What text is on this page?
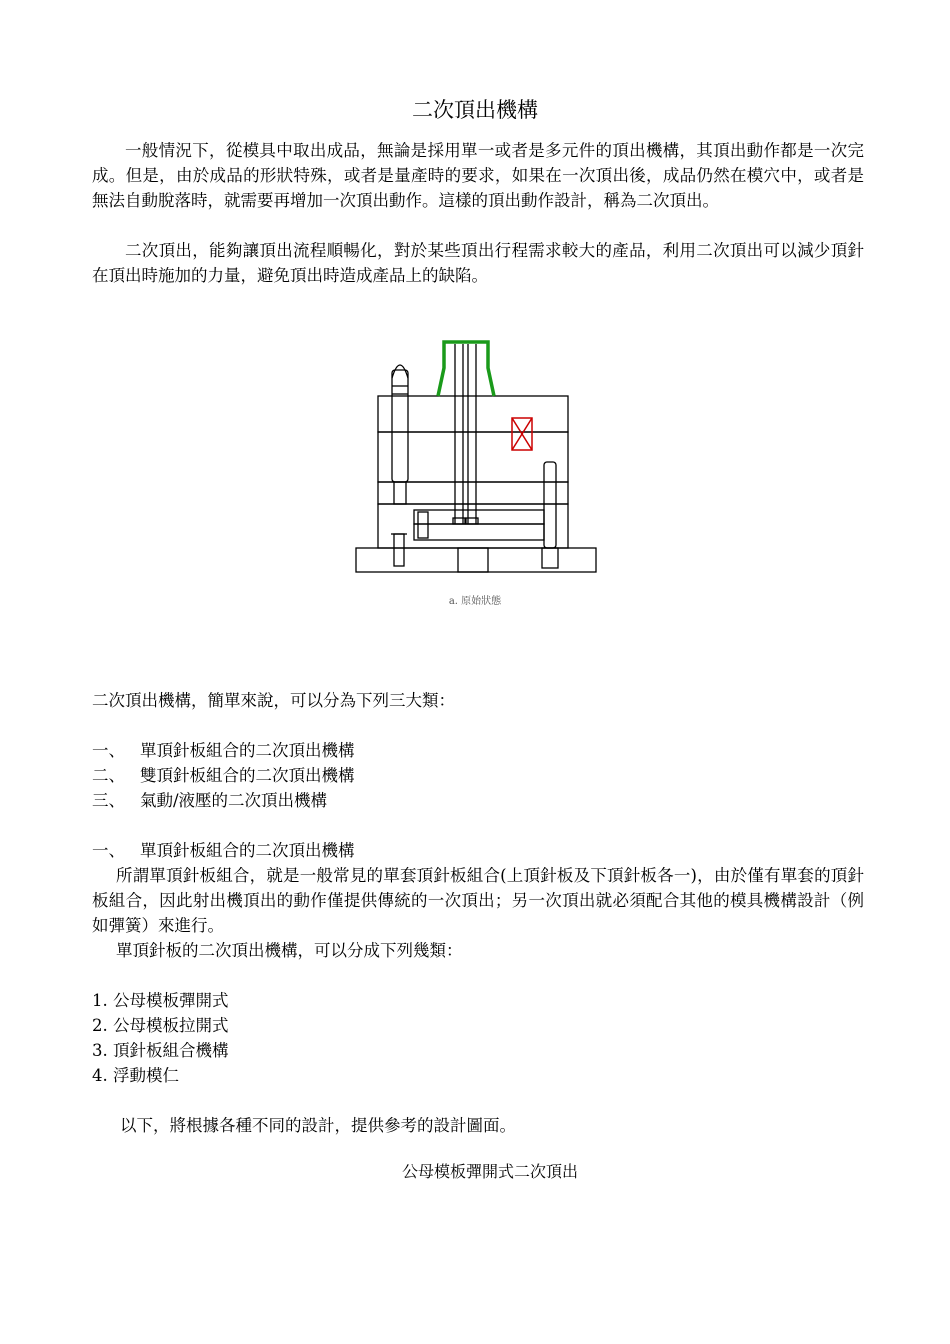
二次頂出機構

一般情況下，從模具中取出成品，無論是採用單一或者是多元件的頂出機構，其頂出動作都是一次完成。但是，由於成品的形狀特殊，或者是量產時的要求，如果在一次頂出後，成品仍然在模穴中，或者是無法自動脫落時，就需要再增加一次頂出動作。這樣的頂出動作設計，稱為二次頂出。

二次頂出，能夠讓頂出流程順暢化，對於某些頂出行程需求較大的產品，利用二次頂出可以減少頂針在頂出時施加的力量，避免頂出時造成產品上的缺陷。

a. 原始狀態
二次頂出機構，簡單來說，可以分為下列三大類：
一、 單頂針板組合的二次頂出機構
二、 雙頂針板組合的二次頂出機構
三、 氣動/液壓的二次頂出機構
一、 單頂針板組合的二次頂出機構

所謂單頂針板組合，就是一般常見的單套頂針板組合(上頂針板及下頂針板各一)，由於僅有單套的頂針板組合，因此射出機頂出的動作僅提供傳統的一次頂出；另一次頂出就必須配合其他的模具機構設計（例如彈簧）來進行。

單頂針板的二次頂出機構，可以分成下列幾類：

1. 公母模板彈開式
2. 公母模板拉開式
3. 頂針板組合機構
4. 浮動模仁
以下，將根據各種不同的設計，提供參考的設計圖面。
公母模板彈開式二次頂出
